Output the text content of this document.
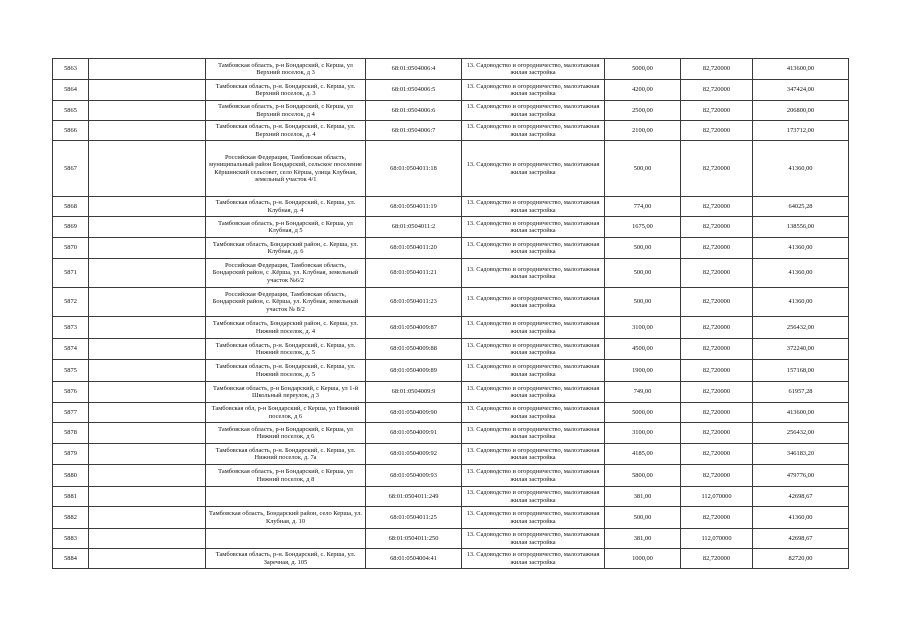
5863		Тамбовская область, р-н Бондарский, с Керша, ул Верхний поселок, д 3	68:01:0504006:4	13. Садоводство и огородничество, малоэтажная жилая застройка	5000,00	82,720000	413600,00
5864		Тамбовская область, р-н. Бондарский, с. Керша, ул. Верхний поселок, д. 3	68:01:0504006:5	13. Садоводство и огородничество, малоэтажная жилая застройка	4200,00	82,720000	347424,00
5865		Тамбовская область, р-н Бондарский, с Керша, ул Верхний поселок, д 4	68:01:0504006:6	13. Садоводство и огородничество, малоэтажная жилая застройка	2500,00	82,720000	206800,00
5866		Тамбовская область, р-н. Бондарский, с. Керша, ул. Верхний поселок, д. 4	68:01:0504006:7	13. Садоводство и огородничество, малоэтажная жилая застройка	2100,00	82,720000	173712,00
5867		Российская Федерация, Тамбовская область, муниципальный район Бондарский, сельское поселение Кёршинский сельсовет, село Кёрша, улица Клубная, земельный участок 4/1	68:01:0504011:18	13. Садоводство и огородничество, малоэтажная жилая застройка	500,00	82,720000	41360,00
5868		Тамбовская область, р-н. Бондарский, с. Керша, ул. Клубная, д. 4	68:01:0504011:19	13. Садоводство и огородничество, малоэтажная жилая застройка	774,00	82,720000	64025,28
5869		Тамбовская область, р-н Бондарский, с Керша, ул Клубная, д 5	68:01:0504011:2	13. Садоводство и огородничество, малоэтажная жилая застройка	1675,00	82,720000	138556,00
5870		Тамбовская область, Бондарский район, с. Керша, ул. Клубная, д. 6	68:01:0504011:20	13. Садоводство и огородничество, малоэтажная жилая застройка	500,00	82,720000	41360,00
5871		Российская Федерация, Тамбовская область, Бондарский район, с .Кёрша, ул. Клубная, земельный участок №6/2	68:01:0504011:21	13. Садоводство и огородничество, малоэтажная жилая застройка	500,00	82,720000	41360,00
5872		Российская Федерация, Тамбовская область, Бондарский район, с. Кёрша, ул. Клубная, земельный участок № 8/2	68:01:0504011:23	13. Садоводство и огородничество, малоэтажная жилая застройка	500,00	82,720000	41360,00
5873		Тамбовская область, Бондарский район, с. Керша, ул. Нижний поселок, д. 4	68:01:0504009:87	13. Садоводство и огородничество, малоэтажная жилая застройка	3100,00	82,720000	256432,00
5874		Тамбовская область, р-н. Бондарский, с. Керша, ул. Нижний поселок, д. 5	68:01:0504009:88	13. Садоводство и огородничество, малоэтажная жилая застройка	4500,00	82,720000	372240,00
5875		Тамбовская область, р-н. Бондарский, с. Керша, ул. Нижний поселок, д. 5	68:01:0504009:89	13. Садоводство и огородничество, малоэтажная жилая застройка	1900,00	82,720000	157168,00
5876		Тамбовская область, р-н Бондарский, с Керша, ул 1-й Школьный переулок, д 3	68:01:0504009:9	13. Садоводство и огородничество, малоэтажная жилая застройка	749,00	82,720000	61957,28
5877		Тамбовская обл, р-н Бондарский, с Керша, ул Нижний поселок, д 6	68:01:0504009:90	13. Садоводство и огородничество, малоэтажная жилая застройка	5000,00	82,720000	413600,00
5878		Тамбовская область, р-н Бондарский, с Керша, ул Нижний поселок, д 6	68:01:0504009:91	13. Садоводство и огородничество, малоэтажная жилая застройка	3100,00	82,720000	256432,00
5879		Тамбовская область, р-н. Бондарский, с. Керша, ул. Нижний поселок, д. 7а	68:01:0504009:92	13. Садоводство и огородничество, малоэтажная жилая застройка	4185,00	82,720000	346183,20
5880		Тамбовская область, р-н Бондарский, с Керша, ул Нижний поселок, д 8	68:01:0504009:93	13. Садоводство и огородничество, малоэтажная жилая застройка	5800,00	82,720000	479776,00
5881			68:01:0504011:249	13. Садоводство и огородничество, малоэтажная жилая застройка	381,00	112,070000	42698,67
5882		Тамбовская область, Бондарский район, село Керша, ул. Клубная, д. 10	68:01:0504011:25	13. Садоводство и огородничество, малоэтажная жилая застройка	500,00	82,720000	41360,00
5883			68:01:0504011:250	13. Садоводство и огородничество, малоэтажная жилая застройка	381,00	112,070000	42698,67
5884		Тамбовская область, р-н. Бондарский, с. Керша, ул. Заречная, д. 105	68:01:0504004:41	13. Садоводство и огородничество, малоэтажная жилая застройка	1000,00	82,720000	82720,00
